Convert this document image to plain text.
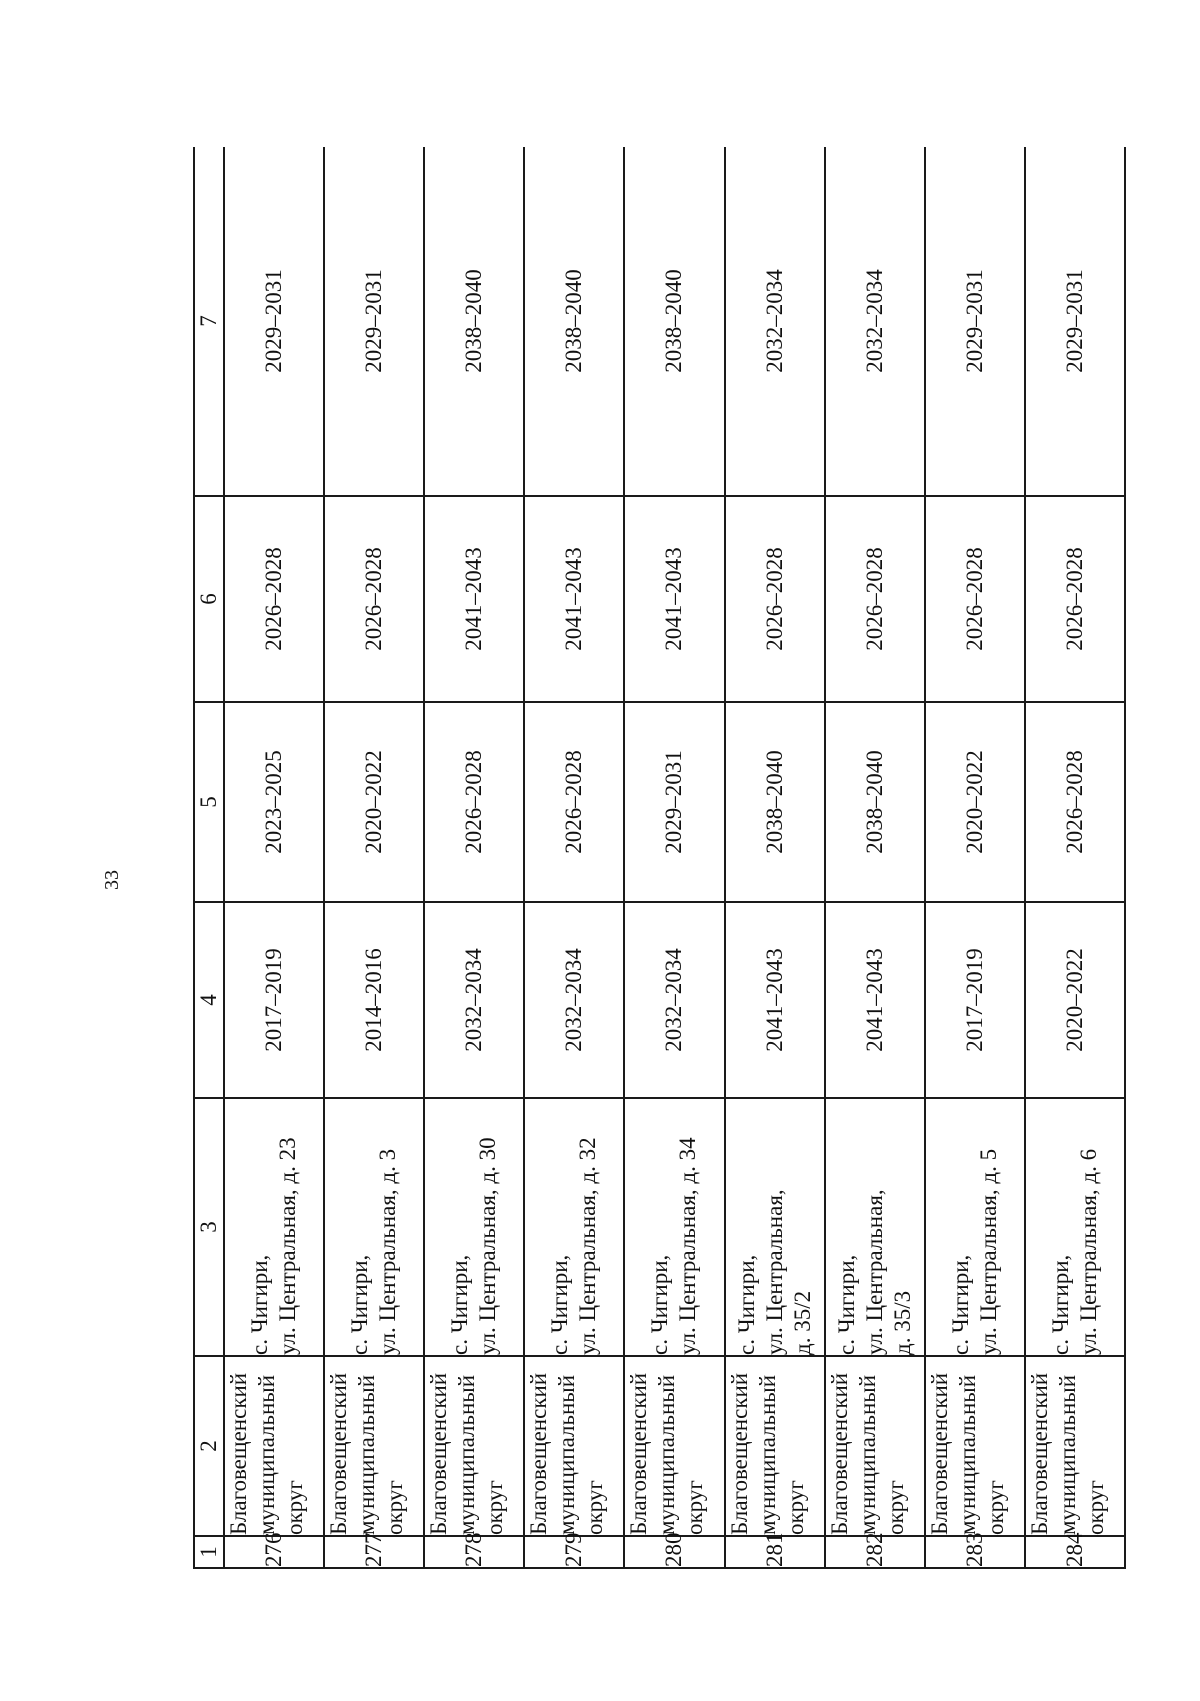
33
1	2	3	4	5	6	7
276	Благовещенский муниципальный округ	с. Чигири, ул. Центральная, д. 23	2017–2019	2023–2025	2026–2028	2029–2031
277	Благовещенский муниципальный округ	с. Чигири, ул. Центральная, д. 3	2014–2016	2020–2022	2026–2028	2029–2031
278	Благовещенский муниципальный округ	с. Чигири, ул. Центральная, д. 30	2032–2034	2026–2028	2041–2043	2038–2040
279	Благовещенский муниципальный округ	с. Чигири, ул. Центральная, д. 32	2032–2034	2026–2028	2041–2043	2038–2040
280	Благовещенский муниципальный округ	с. Чигири, ул. Центральная, д. 34	2032–2034	2029–2031	2041–2043	2038–2040
281	Благовещенский муниципальный округ	с. Чигири, ул. Центральная, д. 35/2	2041–2043	2038–2040	2026–2028	2032–2034
282	Благовещенский муниципальный округ	с. Чигири, ул. Центральная, д. 35/3	2041–2043	2038–2040	2026–2028	2032–2034
283	Благовещенский муниципальный округ	с. Чигири, ул. Центральная, д. 5	2017–2019	2020–2022	2026–2028	2029–2031
284	Благовещенский муниципальный округ	с. Чигири, ул. Центральная, д. 6	2020–2022	2026–2028	2026–2028	2029–2031
